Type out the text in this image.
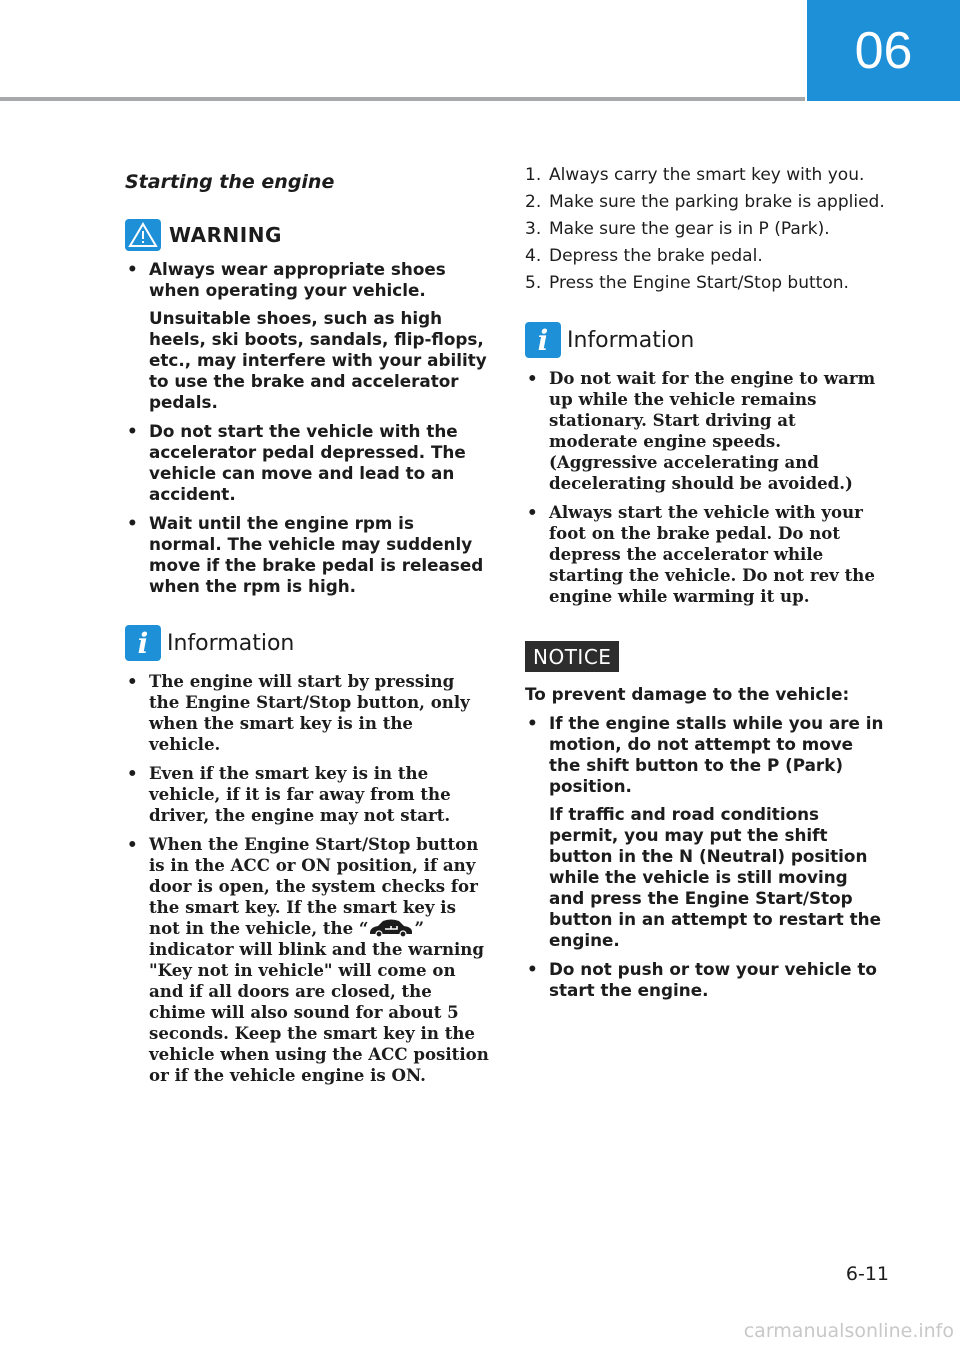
06
Starting the engine
WARNING
• Always wear appropriate shoes when operating your vehicle.
Unsuitable shoes, such as high heels, ski boots, sandals, flip-flops, etc., may interfere with your ability to use the brake and accelerator pedals.
• Do not start the vehicle with the accelerator pedal depressed. The vehicle can move and lead to an accident.
• Wait until the engine rpm is normal. The vehicle may suddenly move if the brake pedal is released when the rpm is high.
i Information
• The engine will start by pressing the Engine Start/Stop button, only when the smart key is in the vehicle.
• Even if the smart key is in the vehicle, if it is far away from the driver, the engine may not start.
• When the Engine Start/Stop button is in the ACC or ON position, if any door is open, the system checks for the smart key. If the smart key is not in the vehicle, the “	” indicator will blink and the warning "Key not in vehicle" will come on and if all doors are closed, the chime will also sound for about 5 seconds. Keep the smart key in the vehicle when using the ACC position or if the vehicle engine is ON.
1. Always carry the smart key with you.
2. Make sure the parking brake is applied.
3. Make sure the gear is in P (Park).
4. Depress the brake pedal.
5. Press the Engine Start/Stop button.
i Information
• Do not wait for the engine to warm up while the vehicle remains stationary. Start driving at moderate engine speeds. (Aggressive accelerating and decelerating should be avoided.)
• Always start the vehicle with your foot on the brake pedal. Do not depress the accelerator while starting the vehicle. Do not rev the engine while warming it up.
NOTICE
To prevent damage to the vehicle:
• If the engine stalls while you are in motion, do not attempt to move the shift button to the P (Park) position.
If traffic and road conditions permit, you may put the shift button in the N (Neutral) position while the vehicle is still moving and press the Engine Start/Stop button in an attempt to restart the engine.
• Do not push or tow your vehicle to start the engine.
6-11
carmanualsonline.info
